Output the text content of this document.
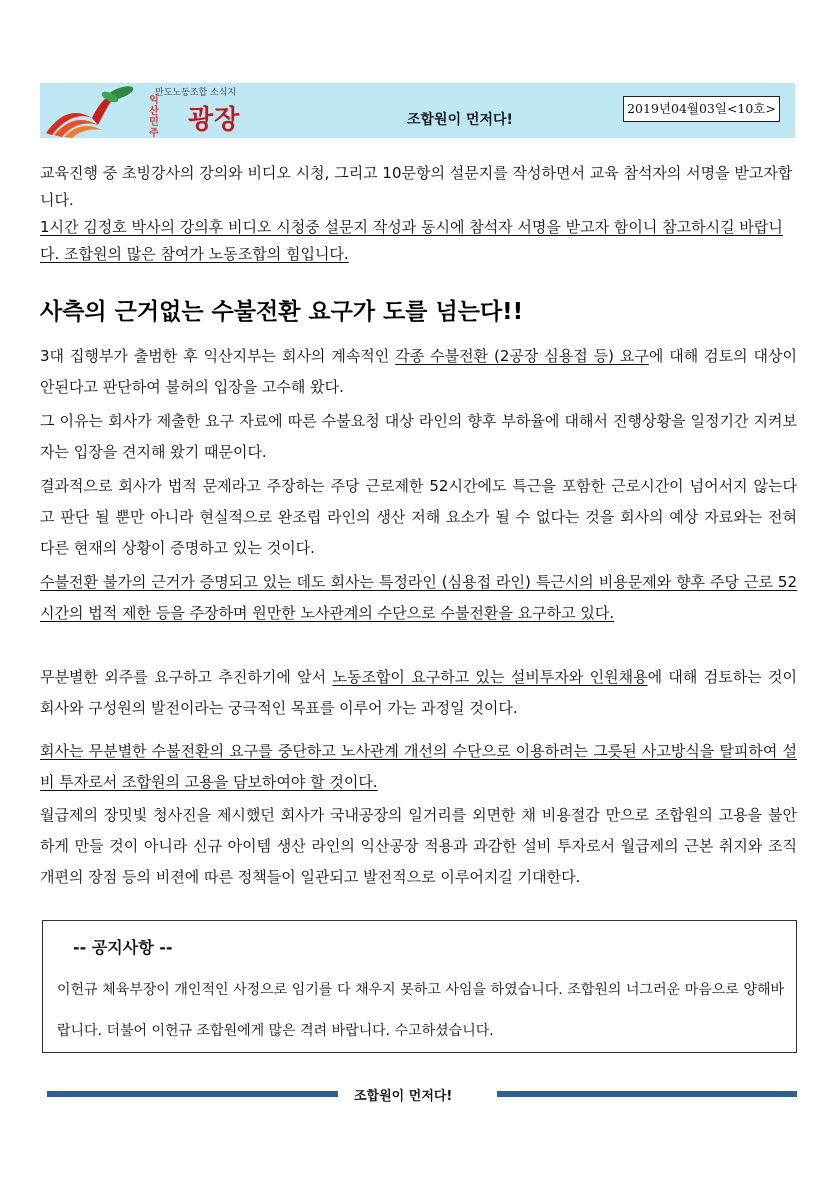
만도노동조합 소식지
익
산
민
주 광장	조합원이 먼저다!
2019년04월03일<10호>

교육진행 중 초빙강사의 강의와 비디오 시청, 그리고 10문항의 설문지를 작성하면서 교육 참석자의 서명을 받고자합니다.

1시간 김정호 박사의 강의후 비디오 시청중 설문지 작성과 동시에 참석자 서명을 받고자 함이니 참고하시길 바랍니다. 조합원의 많은 참여가 노동조합의 힘입니다.

사측의 근거없는 수불전환 요구가 도를 넘는다!!

3대 집행부가 출범한 후 익산지부는 회사의 계속적인 각종 수불전환 (2공장 심용접 등) 요구에 대해 검토의 대상이 안된다고 판단하여 불허의 입장을 고수해 왔다.

그 이유는 회사가 제출한 요구 자료에 따른 수불요청 대상 라인의 향후 부하율에 대해서 진행상황을 일정기간 지켜보자는 입장을 견지해 왔기 때문이다.

결과적으로 회사가 법적 문제라고 주장하는 주당 근로제한 52시간에도 특근을 포함한 근로시간이 넘어서지 않는다고 판단 될 뿐만 아니라 현실적으로 완조립 라인의 생산 저해 요소가 될 수 없다는 것을 회사의 예상 자료와는 전혀 다른 현재의 상황이 증명하고 있는 것이다.

수불전환 불가의 근거가 증명되고 있는 데도 회사는 특정라인 (심용접 라인) 특근시의 비용문제와 향후 주당 근로 52시간의 법적 제한 등을 주장하며 원만한 노사관계의 수단으로 수불전환을 요구하고 있다.

무분별한 외주를 요구하고 추진하기에 앞서 노동조합이 요구하고 있는 설비투자와 인원채용에 대해 검토하는 것이 회사와 구성원의 발전이라는 궁극적인 목표를 이루어 가는 과정일 것이다.

회사는 무분별한 수불전환의 요구를 중단하고 노사관계 개선의 수단으로 이용하려는 그릇된 사고방식을 탈피하여 설비 투자로서 조합원의 고용을 담보하여야 할 것이다.

월급제의 장밋빛 청사진을 제시했던 회사가 국내공장의 일거리를 외면한 채 비용절감 만으로 조합원의 고용을 불안하게 만들 것이 아니라 신규 아이템 생산 라인의 익산공장 적용과 과감한 설비 투자로서 월급제의 근본 취지와 조직 개편의 장점 등의 비젼에 따른 정책들이 일관되고 발전적으로 이루어지길 기대한다.

-- 공지사항 --

이헌규 체육부장이 개인적인 사정으로 임기를 다 채우지 못하고 사임을 하였습니다. 조합원의 너그러운 마음으로 양해바랍니다. 더불어 이헌규 조합원에게 많은 격려 바랍니다. 수고하셨습니다.

조합원이 먼저다!
